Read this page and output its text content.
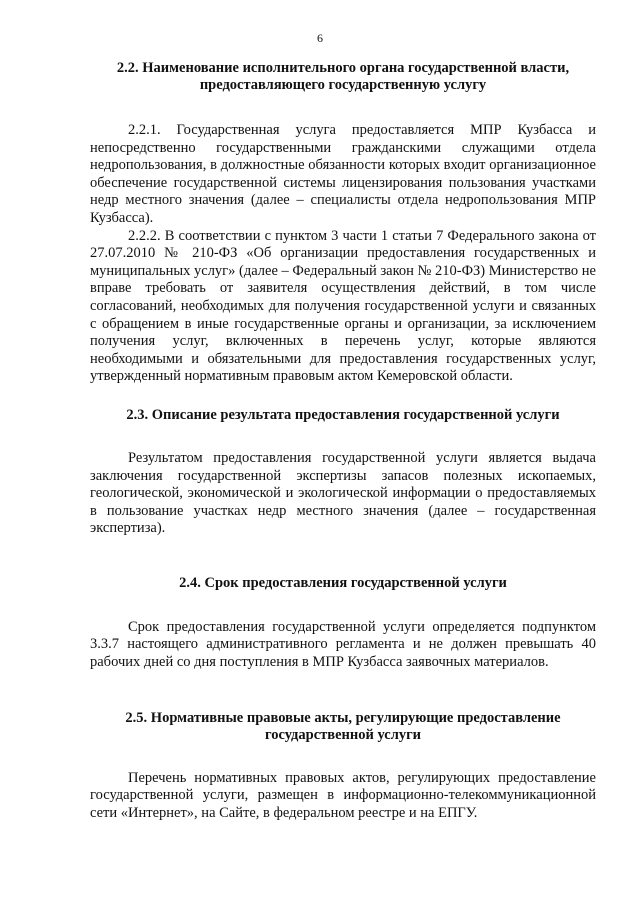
6
2.2. Наименование исполнительного органа государственной власти, предоставляющего государственную услугу

2.2.1. Государственная услуга предоставляется МПР Кузбасса и непосредственно государственными гражданскими служащими отдела недропользования, в должностные обязанности которых входит организационное обеспечение государственной системы лицензирования пользования участками недр местного значения (далее – специалисты отдела недропользования МПР Кузбасса).

2.2.2. В соответствии с пунктом 3 части 1 статьи 7 Федерального закона от 27.07.2010 № 210-ФЗ «Об организации предоставления государственных и муниципальных услуг» (далее – Федеральный закон № 210-ФЗ) Министерство не вправе требовать от заявителя осуществления действий, в том числе согласований, необходимых для получения государственной услуги и связанных с обращением в иные государственные органы и организации, за исключением получения услуг, включенных в перечень услуг, которые являются необходимыми и обязательными для предоставления государственных услуг, утвержденный нормативным правовым актом Кемеровской области.

2.3. Описание результата предоставления государственной услуги

Результатом предоставления государственной услуги является выдача заключения государственной экспертизы запасов полезных ископаемых, геологической, экономической и экологической информации о предоставляемых в пользование участках недр местного значения (далее – государственная экспертиза).

2.4. Срок предоставления государственной услуги

Срок предоставления государственной услуги определяется подпунктом 3.3.7 настоящего административного регламента и не должен превышать 40 рабочих дней со дня поступления в МПР Кузбасса заявочных материалов.

2.5. Нормативные правовые акты, регулирующие предоставление государственной услуги

Перечень нормативных правовых актов, регулирующих предоставление государственной услуги, размещен в информационно-телекоммуникационной сети «Интернет», на Сайте, в федеральном реестре и на ЕПГУ.
